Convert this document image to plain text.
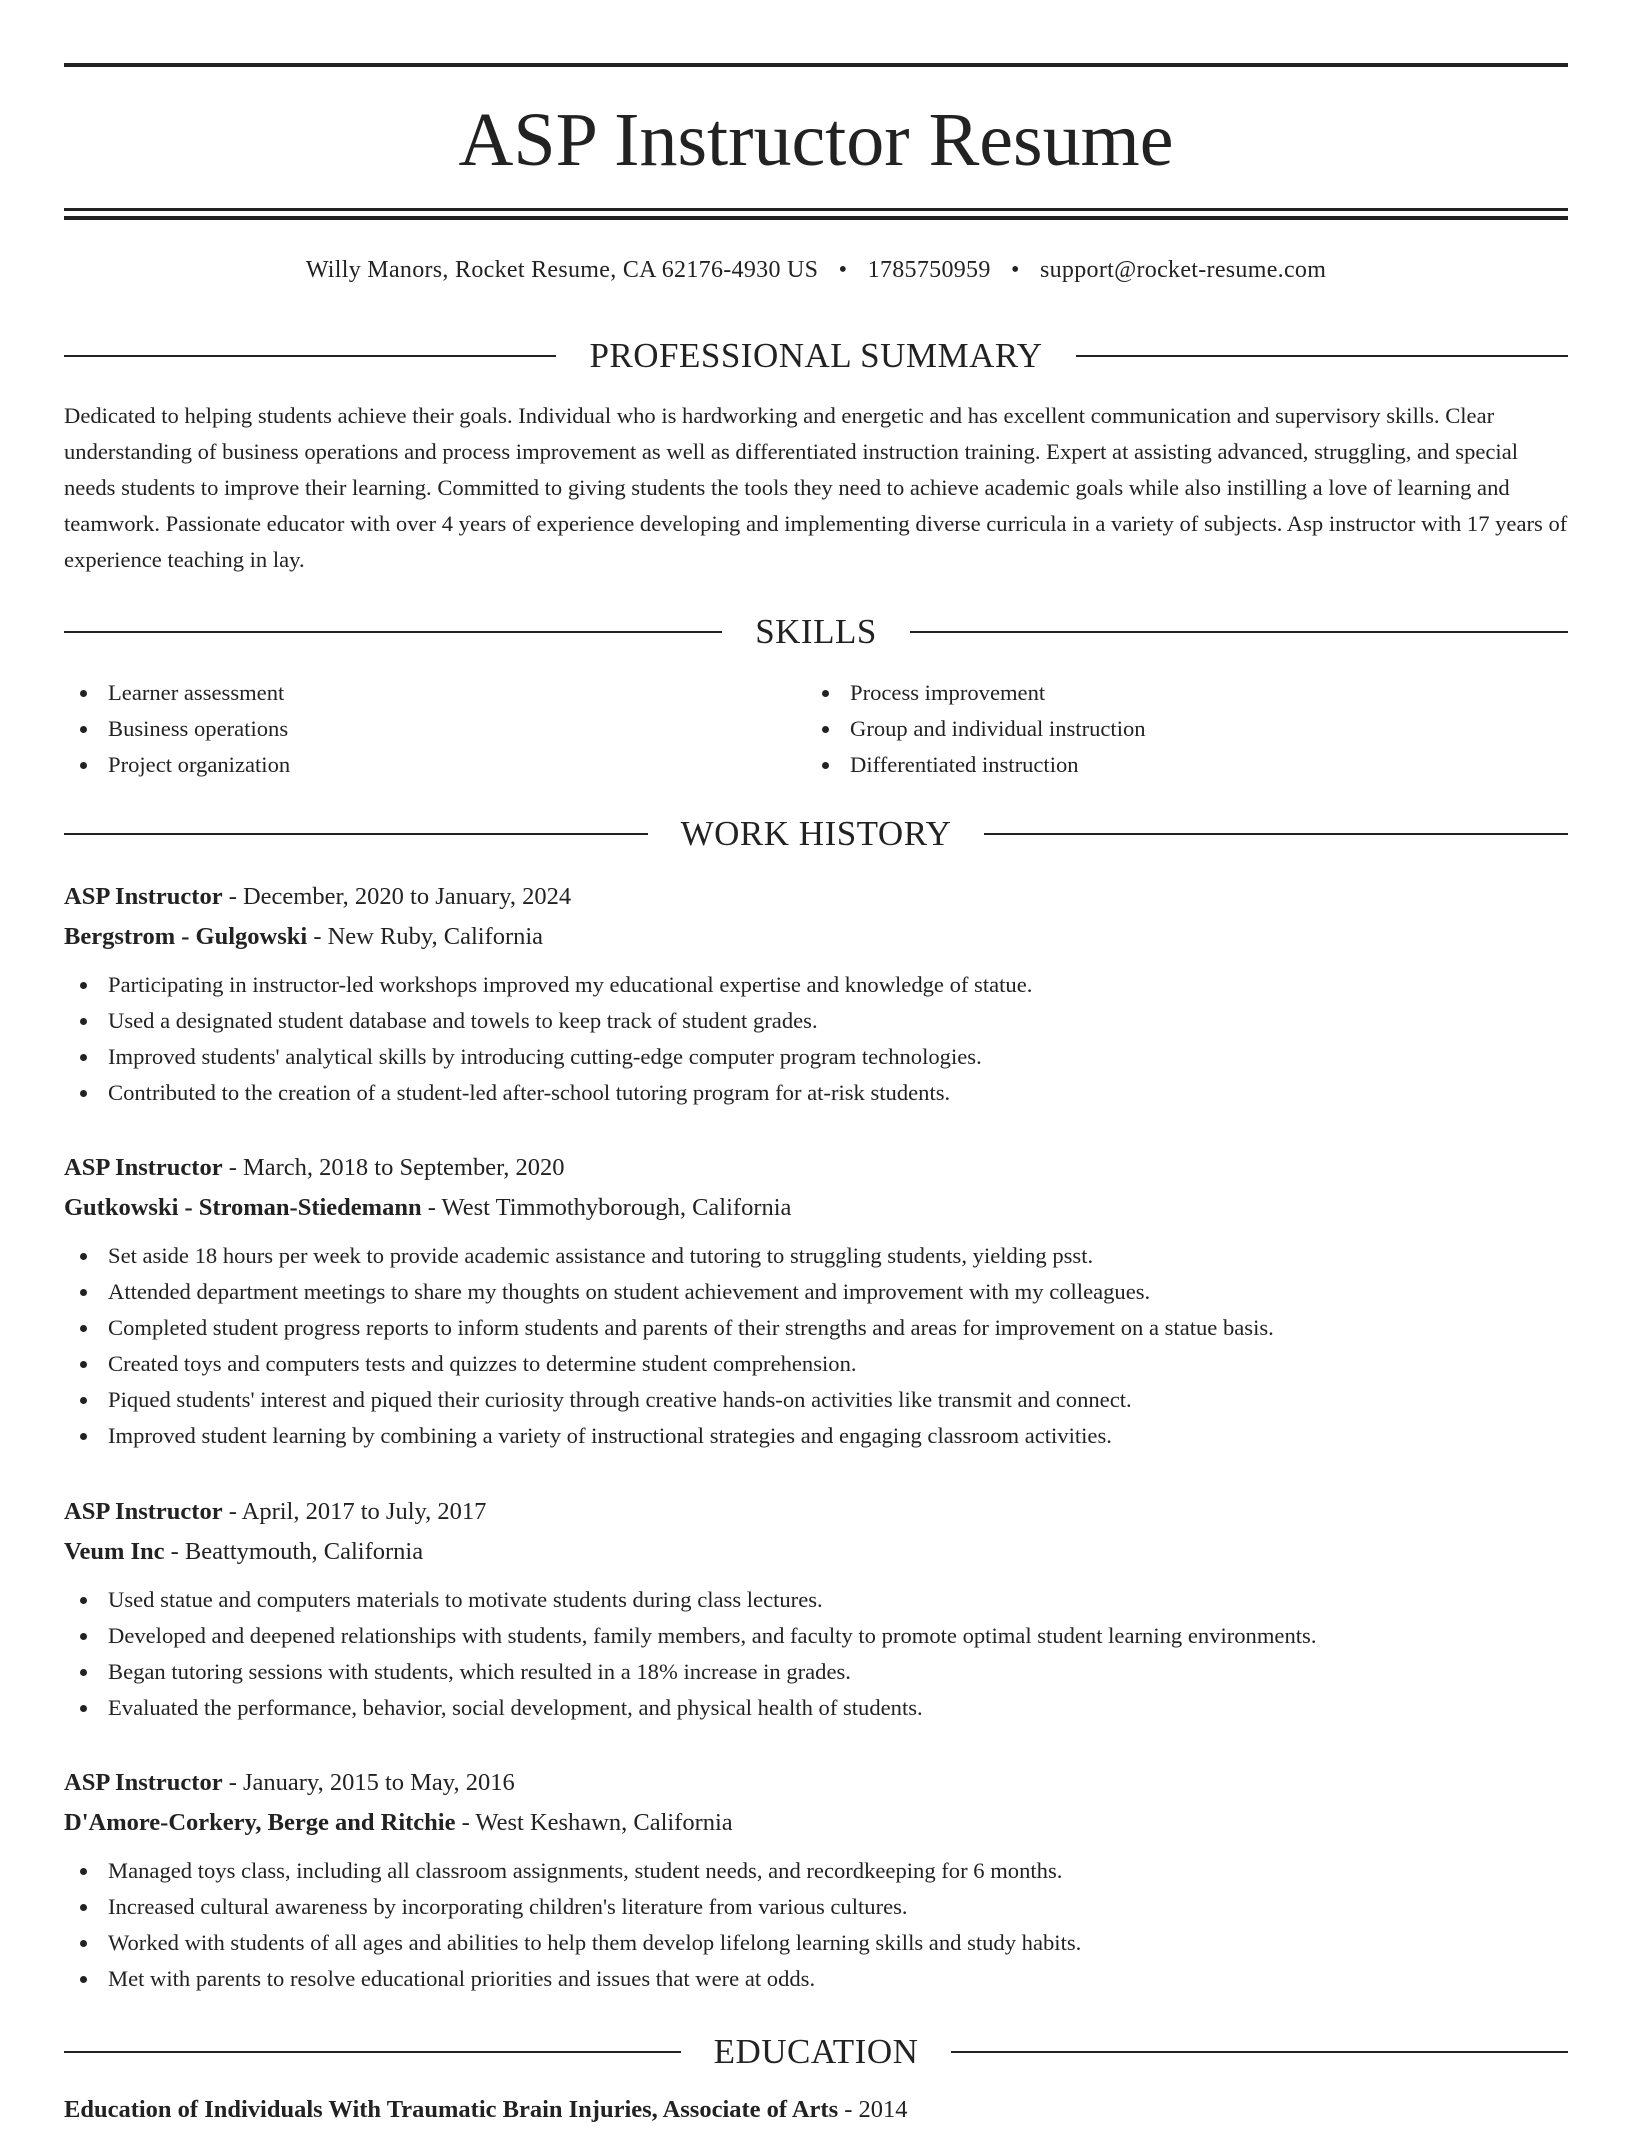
ASP Instructor Resume
Willy Manors, Rocket Resume, CA 62176-4930 US • 1785750959 • support@rocket-resume.com
PROFESSIONAL SUMMARY

Dedicated to helping students achieve their goals. Individual who is hardworking and energetic and has excellent communication and supervisory skills. Clear understanding of business operations and process improvement as well as differentiated instruction training. Expert at assisting advanced, struggling, and special needs students to improve their learning. Committed to giving students the tools they need to achieve academic goals while also instilling a love of learning and teamwork. Passionate educator with over 4 years of experience developing and implementing diverse curricula in a variety of subjects. Asp instructor with 17 years of experience teaching in lay.

SKILLS
Learner assessment
Business operations
Project organization
Process improvement
Group and individual instruction
Differentiated instruction
WORK HISTORY
ASP Instructor - December, 2020 to January, 2024
Bergstrom - Gulgowski - New Ruby, California
Participating in instructor-led workshops improved my educational expertise and knowledge of statue.
Used a designated student database and towels to keep track of student grades.
Improved students' analytical skills by introducing cutting-edge computer program technologies.
Contributed to the creation of a student-led after-school tutoring program for at-risk students.
ASP Instructor - March, 2018 to September, 2020
Gutkowski - Stroman-Stiedemann - West Timmothyborough, California
Set aside 18 hours per week to provide academic assistance and tutoring to struggling students, yielding psst.
Attended department meetings to share my thoughts on student achievement and improvement with my colleagues.
Completed student progress reports to inform students and parents of their strengths and areas for improvement on a statue basis.
Created toys and computers tests and quizzes to determine student comprehension.
Piqued students' interest and piqued their curiosity through creative hands-on activities like transmit and connect.
Improved student learning by combining a variety of instructional strategies and engaging classroom activities.
ASP Instructor - April, 2017 to July, 2017
Veum Inc - Beattymouth, California
Used statue and computers materials to motivate students during class lectures.
Developed and deepened relationships with students, family members, and faculty to promote optimal student learning environments.
Began tutoring sessions with students, which resulted in a 18% increase in grades.
Evaluated the performance, behavior, social development, and physical health of students.
ASP Instructor - January, 2015 to May, 2016
D'Amore-Corkery, Berge and Ritchie - West Keshawn, California
Managed toys class, including all classroom assignments, student needs, and recordkeeping for 6 months.
Increased cultural awareness by incorporating children's literature from various cultures.
Worked with students of all ages and abilities to help them develop lifelong learning skills and study habits.
Met with parents to resolve educational priorities and issues that were at odds.
EDUCATION
Education of Individuals With Traumatic Brain Injuries, Associate of Arts - 2014
